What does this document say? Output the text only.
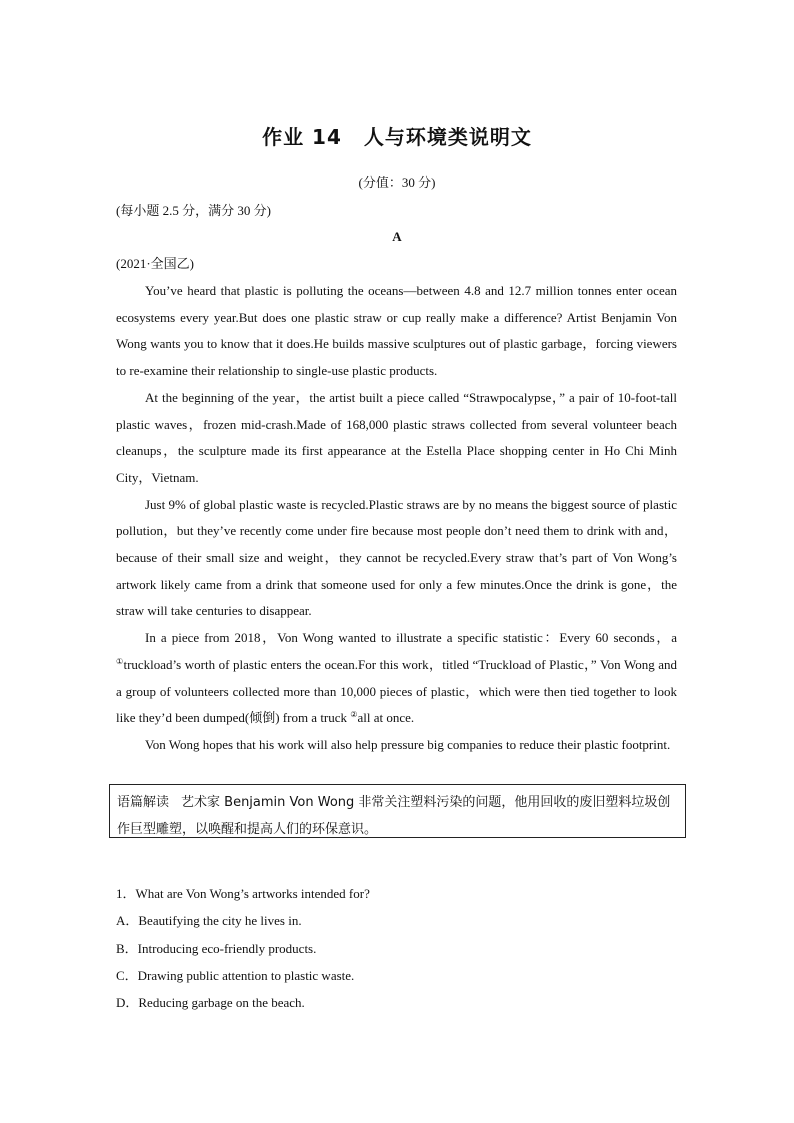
作业 14 人与环境类说明文
(分值：30 分)
(每小题 2.5 分，满分 30 分)
A
(2021·全国乙)

You’ve heard that plastic is polluting the oceans—between 4.8 and 12.7 million tonnes enter ocean ecosystems every year.But does one plastic straw or cup really make a difference? Artist Benjamin Von Wong wants you to know that it does.He builds massive sculptures out of plastic garbage，forcing viewers to re-examine their relationship to single-use plastic products.

At the beginning of the year，the artist built a piece called “Strawpocalypse，” a pair of 10-foot-tall plastic waves，frozen mid-crash.Made of 168,000 plastic straws collected from several volunteer beach cleanups，the sculpture made its first appearance at the Estella Place shopping center in Ho Chi Minh City，Vietnam.

Just 9% of global plastic waste is recycled.Plastic straws are by no means the biggest source of plastic pollution，but they’ve recently come under fire because most people don’t need them to drink with and，because of their small size and weight，they cannot be recycled.Every straw that’s part of Von Wong’s artwork likely came from a drink that someone used for only a few minutes.Once the drink is gone，the straw will take centuries to disappear.

In a piece from 2018，Von Wong wanted to illustrate a specific statistic：Every 60 seconds，a ①truckload’s worth of plastic enters the ocean.For this work，titled “Truckload of Plastic，” Von Wong and a group of volunteers collected more than 10,000 pieces of plastic，which were then tied together to look like they’d been dumped(倾倒) from a truck ②all at once.

Von Wong hopes that his work will also help pressure big companies to reduce their plastic footprint.

语篇解读 艺术家 Benjamin Von Wong 非常关注塑料污染的问题，他用回收的废旧塑料垃圾创作巨型雕塑，以唤醒和提高人们的环保意识。
1．What are Von Wong’s artworks intended for?
A．Beautifying the city he lives in.
B．Introducing eco-friendly products.
C．Drawing public attention to plastic waste.
D．Reducing garbage on the beach.
